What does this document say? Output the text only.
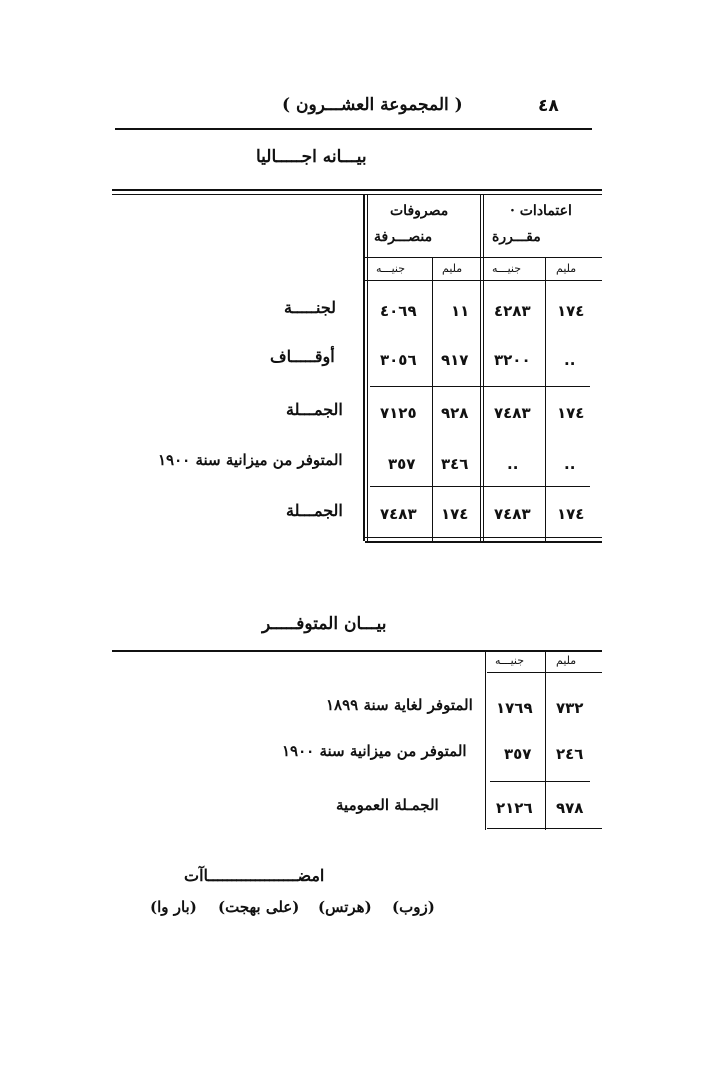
٤٨
( المجموعة العشـــرون )
بيـــانه اجـــــاليا
مصروفات
منصـــرفة
اعتمادات ·
مقـــررة
جنيـــه	مليم	جنيـــه	مليم
لجنـــــة	٤٠٦٩ ١١ ٤٢٨٣ ١٧٤
أوقـــــاف	٣٠٥٦ ٩١٧ ٣٢٠٠ ..
الجمـــلة ٧١٢٥ ٩٢٨ ٧٤٨٣ ١٧٤
المتوفر من ميزانية سنة ١٩٠٠	٣٥٧ ٣٤٦	..	..
الجمـــلة ٧٤٨٣ ١٧٤ ٧٤٨٣ ١٧٤
بيـــان المتوفـــــر
جنيـــه	مليم
المتوفر لغاية سنة ١٨٩٩ ١٧٦٩ ٧٣٢
المتوفر من ميزانية سنة ١٩٠٠ ٣٥٧ ٢٤٦
الجمـلة العمومية	٢١٢٦ ٩٧٨
امضـــــــــــــــــــاآت
(زوب)
(هرتس)
(على بهجت)
(بار وا)
